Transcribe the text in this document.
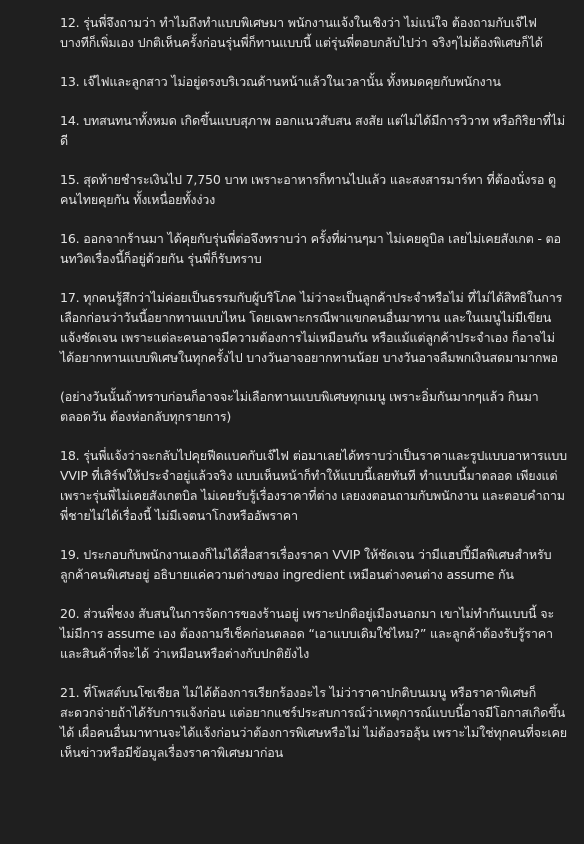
12. รุ่นพี่จึงถามว่า ทำไมถึงทำแบบพิเศษมา พนักงานแจ้งในเชิงว่า ไม่แน่ใจ ต้องถามกับเจ๊ไฟ บางทีก็เพิ่มเอง ปกติเห็นครั้งก่อนรุ่นพี่ก็ทานแบบนี้ แต่รุ่นพี่ตอบกลับไปว่า จริงๆไม่ต้องพิเศษก็ได้

13. เจ๊ไฟและลูกสาว ไม่อยู่ตรงบริเวณด้านหน้าแล้วในเวลานั้น ทั้งหมดคุยกับพนักงาน

14. บทสนทนาทั้งหมด เกิดขึ้นแบบสุภาพ ออกแนวสับสน สงสัย แต่ไม่ได้มีการวิวาท หรือกิริยาที่ไม่ดี

15. สุดท้ายชำระเงินไป 7,750 บาท เพราะอาหารก็ทานไปแล้ว และสงสารมาร์ทา ที่ต้องนั่งรอ ดูคนไทยคุยกัน ทั้งเหนื่อยทั้งง่วง

16. ออกจากร้านมา ได้คุยกับรุ่นพี่ต่อจึงทราบว่า ครั้งที่ผ่านๆมา ไม่เคยดูบิล เลยไม่เคยสังเกต - ตอนทวิตเรื่องนี้ก็อยู่ด้วยกัน รุ่นพี่ก็รับทราบ

17. ทุกคนรู้สึกว่าไม่ค่อยเป็นธรรมกับผู้บริโภค ไม่ว่าจะเป็นลูกค้าประจำหรือไม่ ที่ไม่ได้สิทธิในการเลือกก่อนว่าวันนี้อยากทานแบบไหน โดยเฉพาะกรณีพาแขกคนอื่นมาทาน และในเมนูไม่มีเขียนแจ้งชัดเจน เพราะแต่ละคนอาจมีความต้องการไม่เหมือนกัน หรือแม้แต่ลูกค้าประจำเอง ก็อาจไม่ได้อยากทานแบบพิเศษในทุกครั้งไป บางวันอาจอยากทานน้อย บางวันอาจลืมพกเงินสดมามากพอ

(อย่างวันนั้นถ้าทราบก่อนก็อาจจะไม่เลือกทานแบบพิเศษทุกเมนู เพราะอิ่มกันมากๆแล้ว กินมาตลอดวัน ต้องห่อกลับทุกรายการ)

18. รุ่นพี่แจ้งว่าจะกลับไปคุยฟีดแบคกับเจ๊ไฟ ต่อมาเลยได้ทราบว่าเป็นราคาและรูปแบบอาหารแบบ VVIP ที่เสิร์ฟให้ประจำอยู่แล้วจริง แบบเห็นหน้าก็ทำให้แบบนี้เลยทันที ทำแบบนี้มาตลอด เพียงแต่เพราะรุ่นพี่ไม่เคยสังเกตบิล ไม่เคยรับรู้เรื่องราคาที่ต่าง เลยงงตอนถามกับพนักงาน และตอบคำถามพี่ชายไม่ได้เรื่องนี้ ไม่มีเจตนาโกงหรืออัพราคา

19. ประกอบกับพนักงานเองก็ไม่ได้สื่อสารเรื่องราคา VVIP ให้ชัดเจน ว่ามีแฮปปี้มีลพิเศษสำหรับลูกค้าคนพิเศษอยู่ อธิบายแค่ความต่างของ ingredient เหมือนต่างคนต่าง assume กัน

20. ส่วนพี่ชงง สับสนในการจัดการของร้านอยู่ เพราะปกติอยู่เมืองนอกมา เขาไม่ทำกันแบบนี้ จะไม่มีการ assume เอง ต้องถามรีเช็คก่อนตลอด “เอาแบบเดิมใช่ไหม?” และลูกค้าต้องรับรู้ราคาและสินค้าที่จะได้ ว่าเหมือนหรือต่างกับปกติยังไง

21. ที่โพสต์บนโซเชียล ไม่ได้ต้องการเรียกร้องอะไร ไม่ว่าราคาปกติบนเมนู หรือราคาพิเศษก็สะดวกจ่ายถ้าได้รับการแจ้งก่อน แต่อยากแชร์ประสบการณ์ว่าเหตุการณ์แบบนี้อาจมีโอกาสเกิดขึ้นได้ เผื่อคนอื่นมาทานจะได้แจ้งก่อนว่าต้องการพิเศษหรือไม่ ไม่ต้องรอลุ้น เพราะไม่ใช่ทุกคนที่จะเคยเห็นข่าวหรือมีข้อมูลเรื่องราคาพิเศษมาก่อน
